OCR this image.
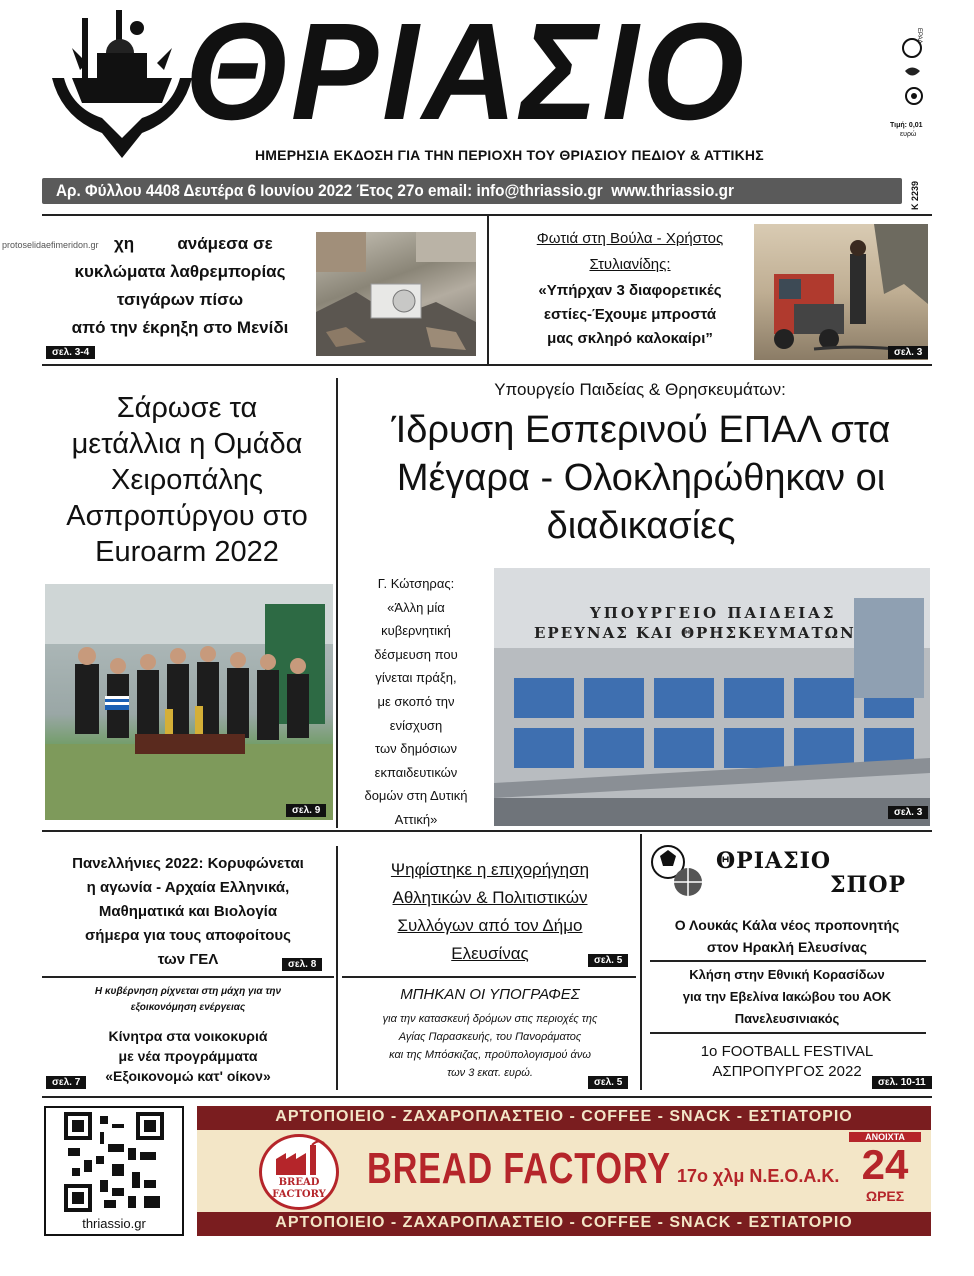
ΘΡΙΑΣΙΟ	ΕΡΑΔ
Τιμή: 0,01
ευρώ
ΗΜΕΡΗΣΙΑ ΕΚΔΟΣΗ ΓΙΑ ΤΗΝ ΠΕΡΙΟΧΗ ΤΟΥ ΘΡΙΑΣΙΟΥ ΠΕΔΙΟΥ & ΑΤΤΙΚΗΣ
Αρ. Φύλλου 4408 Δευτέρα 6 Ιουνίου 2022 Έτος 27ο email: info@thriassio.gr  www.thriassio.gr	Κ 2239
protoselidaefimeridon.gr χη	ανάμεσα σε
κυκλώματα λαθρεμπορίας
τσιγάρων πίσω
από την έκρηξη στο Μενίδι
σελ. 3-4
Φωτιά στη Βούλα - Χρήστος
Στυλιανίδης:
«Υπήρχαν 3 διαφορετικές
εστίες-Έχουμε μπροστά
μας σκληρό καλοκαίρι”
σελ. 3
Σάρωσε τα
μετάλλια η Ομάδα
Χειροπάλης
Ασπροπύργου στο
Euroarm 2022
σελ. 9
Υπουργείο Παιδείας & Θρησκευμάτων:
Ίδρυση Εσπερινού ΕΠΑΛ στα
Μέγαρα - Ολοκληρώθηκαν οι
διαδικασίες
Γ. Κώτσηρας:
«Άλλη μία
κυβερνητική
δέσμευση που
γίνεται πράξη,
με σκοπό την
ενίσχυση
των δημόσιων
εκπαιδευτικών
δομών στη Δυτική
Αττική»
ΥΠΟΥΡΓΕΙΟ ΠΑΙΔΕΙΑΣ
ΕΡΕΥΝΑΣ ΚΑΙ ΘΡΗΣΚΕΥΜΑΤΩΝ
σελ. 3
Πανελλήνιες 2022: Κορυφώνεται
η αγωνία - Αρχαία Ελληνικά,
Μαθηματικά και Βιολογία
σήμερα για τους αποφοίτους
των ΓΕΛ	σελ. 8
Η κυβέρνηση ρίχνεται στη μάχη για την
εξοικονόμηση ενέργειας
Κίνητρα στα νοικοκυριά
με νέα προγράμματα
«Εξοικονομώ κατ' οίκον»
σελ. 7
Ψηφίστηκε η επιχορήγηση
Αθλητικών & Πολιτιστικών
Συλλόγων από τον Δήμο
Ελευσίνας	σελ. 5
ΜΠΗΚΑΝ ΟΙ ΥΠΟΓΡΑΦΕΣ
για την κατασκευή δρόμων στις περιοχές της
Αγίας Παρασκευής, του Πανοράματος
και της Μπόσκιζας, προϋπολογισμού άνω
των 3 εκατ. ευρώ.
σελ. 5
ΘΡΙΑΣΙΟ
ΣΠΟΡ
Ο Λουκάς Κάλα νέος προπονητής
στον Ηρακλή Ελευσίνας
Κλήση στην Εθνική Κορασίδων
για την Εβελίνα Ιακώβου του ΑΟΚ
Πανελευσινιακός
1ο FOOTBALL FESTIVAL
ΑΣΠΡΟΠΥΡΓΟΣ 2022
σελ. 10-11
thriassio.gr
ΑΡΤΟΠΟΙΕΙΟ - ΖΑΧΑΡΟΠΛΑΣΤΕΙΟ - COFFEE - SNACK - ΕΣΤΙΑΤΟΡΙΟ
ΑΡΤΟΠΟΙΕΙΟ - ΖΑΧΑΡΟΠΛΑΣΤΕΙΟ - COFFEE - SNACK - ΕΣΤΙΑΤΟΡΙΟ
BREAD
FACTORY
BREAD FACTORY 17ο χλμ Ν.Ε.Ο.Α.Κ.
ΑΝΟΙΧΤΑ
24
ΩΡΕΣ
